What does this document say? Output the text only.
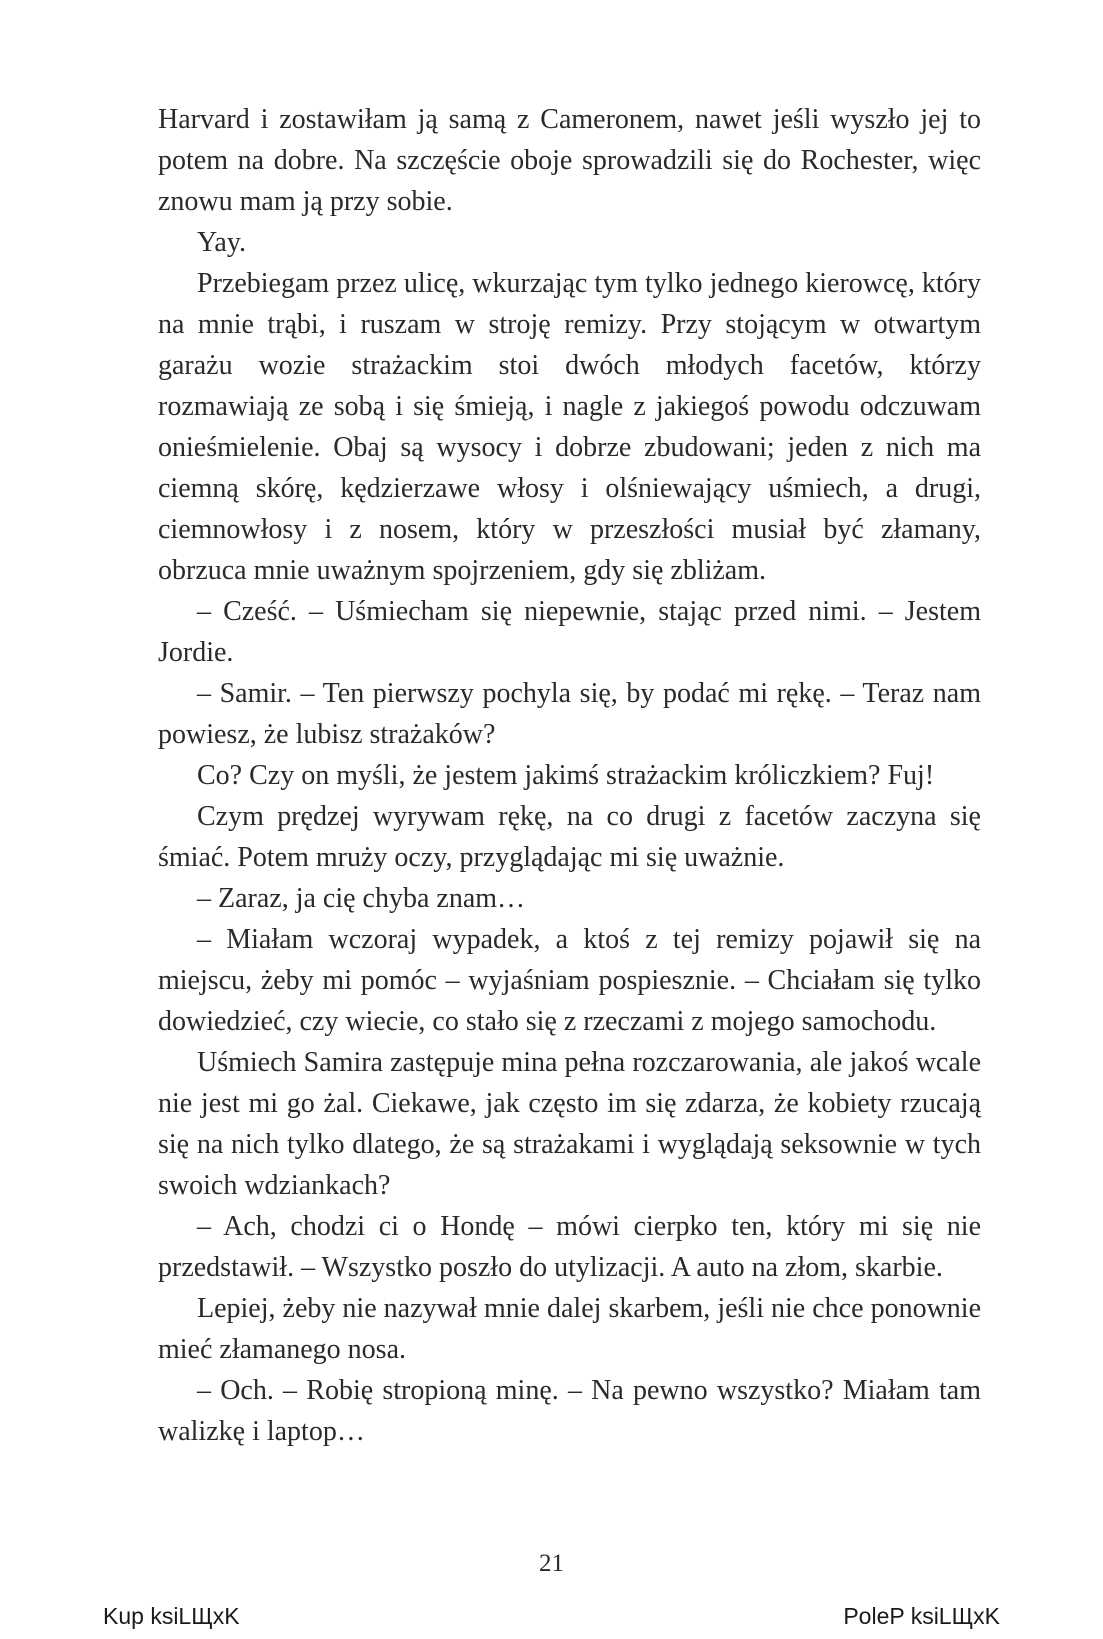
Harvard i zostawiłam ją samą z Cameronem, nawet jeśli wyszło jej to potem na dobre. Na szczęście oboje sprowadzili się do Rochester, więc znowu mam ją przy sobie.

Yay.

Przebiegam przez ulicę, wkurzając tym tylko jednego kierowcę, który na mnie trąbi, i ruszam w stroję remizy. Przy stojącym w otwartym garażu wozie strażackim stoi dwóch młodych facetów, którzy rozmawiają ze sobą i się śmieją, i nagle z jakiegoś powodu odczuwam onieśmielenie. Obaj są wysocy i dobrze zbudowani; jeden z nich ma ciemną skórę, kędzierzawe włosy i olśniewający uśmiech, a drugi, ciemnowłosy i z nosem, który w przeszłości musiał być złamany, obrzuca mnie uważnym spojrzeniem, gdy się zbliżam.

– Cześć. – Uśmiecham się niepewnie, stając przed nimi. – Jestem Jordie.

– Samir. – Ten pierwszy pochyla się, by podać mi rękę. – Teraz nam powiesz, że lubisz strażaków?

Co? Czy on myśli, że jestem jakimś strażackim króliczkiem? Fuj!

Czym prędzej wyrywam rękę, na co drugi z facetów zaczyna się śmiać. Potem mruży oczy, przyglądając mi się uważnie.

– Zaraz, ja cię chyba znam…

– Miałam wczoraj wypadek, a ktoś z tej remizy pojawił się na miejscu, żeby mi pomóc – wyjaśniam pospiesznie. – Chciałam się tylko dowiedzieć, czy wiecie, co stało się z rzeczami z mojego samochodu.

Uśmiech Samira zastępuje mina pełna rozczarowania, ale jakoś wcale nie jest mi go żal. Ciekawe, jak często im się zdarza, że kobiety rzucają się na nich tylko dlatego, że są strażakami i wyglądają seksownie w tych swoich wdziankach?

– Ach, chodzi ci o Hondę – mówi cierpko ten, który mi się nie przedstawił. – Wszystko poszło do utylizacji. A auto na złom, skarbie.

Lepiej, żeby nie nazywał mnie dalej skarbem, jeśli nie chce ponownie mieć złamanego nosa.

– Och. – Robię stropioną minę. – Na pewno wszystko? Miałam tam walizkę i laptop…

21
Kup ksiLЩxK	PoleP ksiLЩxK
